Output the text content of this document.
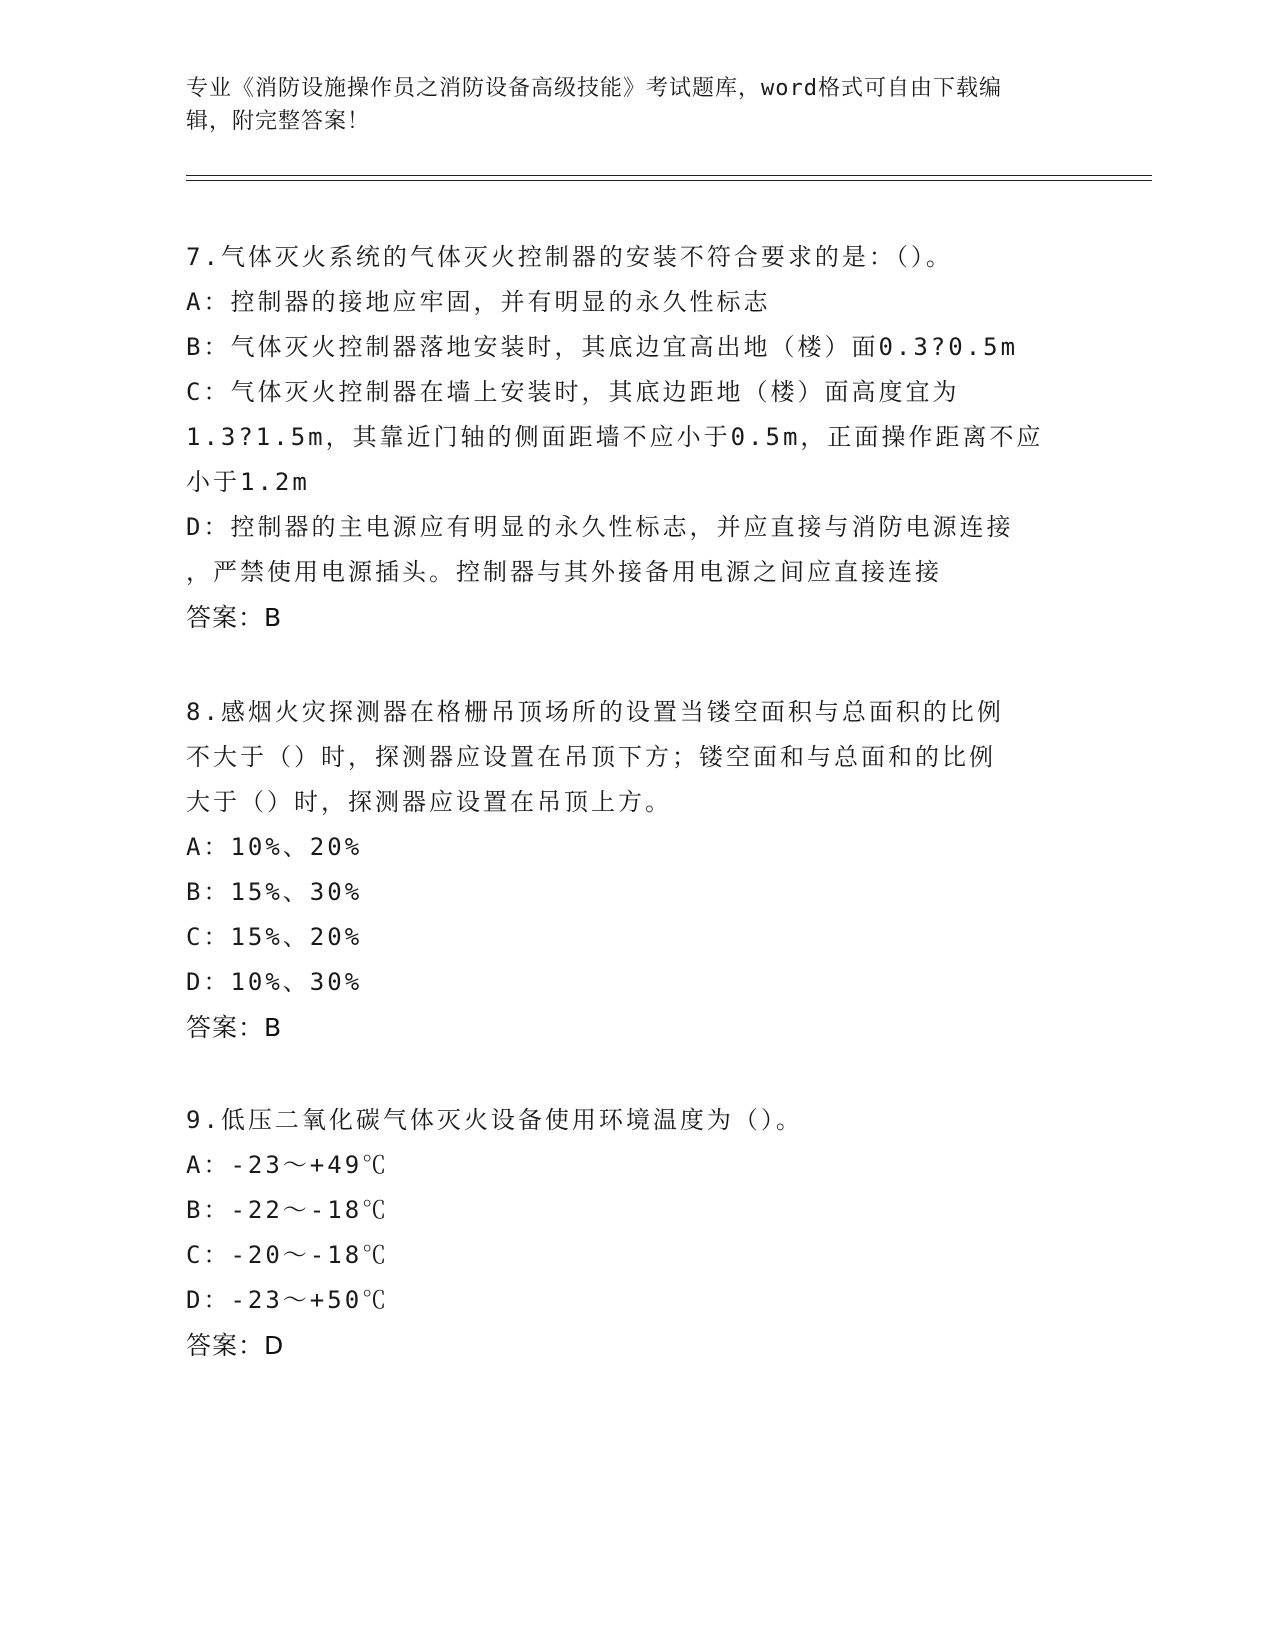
专业《消防设施操作员之消防设备高级技能》考试题库，word格式可自由下载编
辑，附完整答案！
7.气体灭火系统的气体灭火控制器的安装不符合要求的是：（）。
A：控制器的接地应牢固，并有明显的永久性标志
B：气体灭火控制器落地安装时，其底边宜高出地（楼）面0.3?0.5m
C：气体灭火控制器在墙上安装时，其底边距地（楼）面高度宜为
1.3?1.5m，其靠近门轴的侧面距墙不应小于0.5m，正面操作距离不应
小于1.2m
D：控制器的主电源应有明显的永久性标志，并应直接与消防电源连接
，严禁使用电源插头。控制器与其外接备用电源之间应直接连接
答案：B
8.感烟火灾探测器在格栅吊顶场所的设置当镂空面积与总面积的比例
不大于（）时，探测器应设置在吊顶下方；镂空面和与总面和的比例
大于（）时，探测器应设置在吊顶上方。
A：10%、20%
B：15%、30%
C：15%、20%
D：10%、30%
答案：B
9.低压二氧化碳气体灭火设备使用环境温度为（）。
A：-23～+49℃
B：-22～-18℃
C：-20～-18℃
D：-23～+50℃
答案：D
